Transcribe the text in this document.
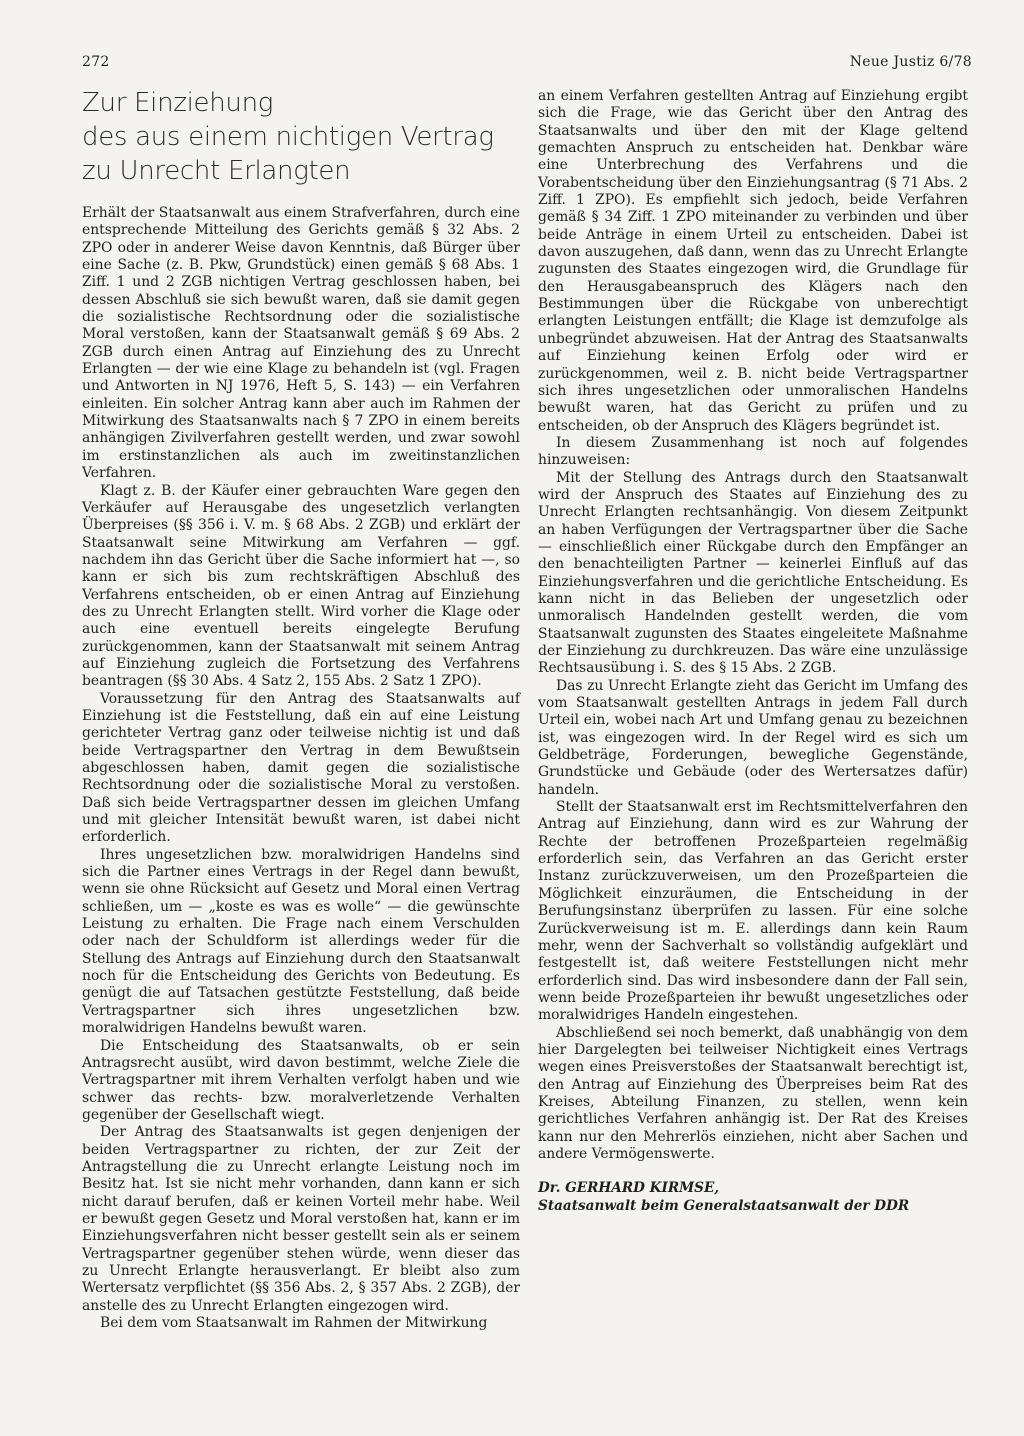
272	Neue Justiz 6/78
Zur Einziehung
des aus einem nichtigen Vertrag
zu Unrecht Erlangten

Erhält der Staatsanwalt aus einem Strafverfahren, durch eine entsprechende Mitteilung des Gerichts gemäß § 32 Abs. 2 ZPO oder in anderer Weise davon Kenntnis, daß Bürger über eine Sache (z. B. Pkw, Grundstück) einen gemäß § 68 Abs. 1 Ziff. 1 und 2 ZGB nichtigen Vertrag geschlossen haben, bei dessen Abschluß sie sich bewußt waren, daß sie damit gegen die sozialistische Rechtsordnung oder die sozialistische Moral verstoßen, kann der Staatsanwalt gemäß § 69 Abs. 2 ZGB durch einen Antrag auf Einziehung des zu Unrecht Erlangten — der wie eine Klage zu behandeln ist (vgl. Fragen und Antworten in NJ 1976, Heft 5, S. 143) — ein Verfahren einleiten. Ein solcher Antrag kann aber auch im Rahmen der Mitwirkung des Staatsanwalts nach § 7 ZPO in einem bereits anhängigen Zivilverfahren gestellt werden, und zwar sowohl im erstinstanzlichen als auch im zweitinstanzlichen Verfahren.

Klagt z. B. der Käufer einer gebrauchten Ware gegen den Verkäufer auf Herausgabe des ungesetzlich verlangten Überpreises (§§ 356 i. V. m. § 68 Abs. 2 ZGB) und erklärt der Staatsanwalt seine Mitwirkung am Verfahren — ggf. nachdem ihn das Gericht über die Sache informiert hat —, so kann er sich bis zum rechtskräftigen Abschluß des Verfahrens entscheiden, ob er einen Antrag auf Einziehung des zu Unrecht Erlangten stellt. Wird vorher die Klage oder auch eine eventuell bereits eingelegte Berufung zurückgenommen, kann der Staatsanwalt mit seinem Antrag auf Einziehung zugleich die Fortsetzung des Verfahrens beantragen (§§ 30 Abs. 4 Satz 2, 155 Abs. 2 Satz 1 ZPO).

Voraussetzung für den Antrag des Staatsanwalts auf Einziehung ist die Feststellung, daß ein auf eine Leistung gerichteter Vertrag ganz oder teilweise nichtig ist und daß beide Vertragspartner den Vertrag in dem Bewußtsein abgeschlossen haben, damit gegen die sozialistische Rechtsordnung oder die sozialistische Moral zu verstoßen. Daß sich beide Vertragspartner dessen im gleichen Umfang und mit gleicher Intensität bewußt waren, ist dabei nicht erforderlich.

Ihres ungesetzlichen bzw. moralwidrigen Handelns sind sich die Partner eines Vertrags in der Regel dann bewußt, wenn sie ohne Rücksicht auf Gesetz und Moral einen Vertrag schließen, um — „koste es was es wolle“ — die gewünschte Leistung zu erhalten. Die Frage nach einem Verschulden oder nach der Schuldform ist allerdings weder für die Stellung des Antrags auf Einziehung durch den Staatsanwalt noch für die Entscheidung des Gerichts von Bedeutung. Es genügt die auf Tatsachen gestützte Feststellung, daß beide Vertragspartner sich ihres ungesetzlichen bzw. moralwidrigen Handelns bewußt waren.

Die Entscheidung des Staatsanwalts, ob er sein Antragsrecht ausübt, wird davon bestimmt, welche Ziele die Vertragspartner mit ihrem Verhalten verfolgt haben und wie schwer das rechts- bzw. moralverletzende Verhalten gegenüber der Gesellschaft wiegt.

Der Antrag des Staatsanwalts ist gegen denjenigen der beiden Vertragspartner zu richten, der zur Zeit der Antragstellung die zu Unrecht erlangte Leistung noch im Besitz hat. Ist sie nicht mehr vorhanden, dann kann er sich nicht darauf berufen, daß er keinen Vorteil mehr habe. Weil er bewußt gegen Gesetz und Moral verstoßen hat, kann er im Einziehungsverfahren nicht besser gestellt sein als er seinem Vertragspartner gegenüber stehen würde, wenn dieser das zu Unrecht Erlangte herausverlangt. Er bleibt also zum Wertersatz verpflichtet (§§ 356 Abs. 2, § 357 Abs. 2 ZGB), der anstelle des zu Unrecht Erlangten eingezogen wird.

Bei dem vom Staatsanwalt im Rahmen der Mitwirkung

an einem Verfahren gestellten Antrag auf Einziehung ergibt sich die Frage, wie das Gericht über den Antrag des Staatsanwalts und über den mit der Klage geltend gemachten Anspruch zu entscheiden hat. Denkbar wäre eine Unterbrechung des Verfahrens und die Vorabentscheidung über den Einziehungsantrag (§ 71 Abs. 2 Ziff. 1 ZPO). Es empfiehlt sich jedoch, beide Verfahren gemäß § 34 Ziff. 1 ZPO miteinander zu verbinden und über beide Anträge in einem Urteil zu entscheiden. Dabei ist davon auszugehen, daß dann, wenn das zu Unrecht Erlangte zugunsten des Staates eingezogen wird, die Grundlage für den Herausgabeanspruch des Klägers nach den Bestimmungen über die Rückgabe von unberechtigt erlangten Leistungen entfällt; die Klage ist demzufolge als unbegründet abzuweisen. Hat der Antrag des Staatsanwalts auf Einziehung keinen Erfolg oder wird er zurückgenommen, weil z. B. nicht beide Vertragspartner sich ihres ungesetzlichen oder unmoralischen Handelns bewußt waren, hat das Gericht zu prüfen und zu entscheiden, ob der Anspruch des Klägers begründet ist.

In diesem Zusammenhang ist noch auf folgendes hinzuweisen:

Mit der Stellung des Antrags durch den Staatsanwalt wird der Anspruch des Staates auf Einziehung des zu Unrecht Erlangten rechtsanhängig. Von diesem Zeitpunkt an haben Verfügungen der Vertragspartner über die Sache — einschließlich einer Rückgabe durch den Empfänger an den benachteiligten Partner — keinerlei Einfluß auf das Einziehungsverfahren und die gerichtliche Entscheidung. Es kann nicht in das Belieben der ungesetzlich oder unmoralisch Handelnden gestellt werden, die vom Staatsanwalt zugunsten des Staates eingeleitete Maßnahme der Einziehung zu durchkreuzen. Das wäre eine unzulässige Rechtsausübung i. S. des § 15 Abs. 2 ZGB.

Das zu Unrecht Erlangte zieht das Gericht im Umfang des vom Staatsanwalt gestellten Antrags in jedem Fall durch Urteil ein, wobei nach Art und Umfang genau zu bezeichnen ist, was eingezogen wird. In der Regel wird es sich um Geldbeträge, Forderungen, bewegliche Gegenstände, Grundstücke und Gebäude (oder des Wertersatzes dafür) handeln.

Stellt der Staatsanwalt erst im Rechtsmittelverfahren den Antrag auf Einziehung, dann wird es zur Wahrung der Rechte der betroffenen Prozeßparteien regelmäßig erforderlich sein, das Verfahren an das Gericht erster Instanz zurückzuverweisen, um den Prozeßparteien die Möglichkeit einzuräumen, die Entscheidung in der Berufungsinstanz überprüfen zu lassen. Für eine solche Zurückverweisung ist m. E. allerdings dann kein Raum mehr, wenn der Sachverhalt so vollständig aufgeklärt und festgestellt ist, daß weitere Feststellungen nicht mehr erforderlich sind. Das wird insbesondere dann der Fall sein, wenn beide Prozeßparteien ihr bewußt ungesetzliches oder moralwidriges Handeln eingestehen.

Abschließend sei noch bemerkt, daß unabhängig von dem hier Dargelegten bei teilweiser Nichtigkeit eines Vertrags wegen eines Preisverstoßes der Staatsanwalt berechtigt ist, den Antrag auf Einziehung des Überpreises beim Rat des Kreises, Abteilung Finanzen, zu stellen, wenn kein gerichtliches Verfahren anhängig ist. Der Rat des Kreises kann nur den Mehrerlös einziehen, nicht aber Sachen und andere Vermögenswerte.

Dr. GERHARD KIRMSE,
Staatsanwalt beim Generalstaatsanwalt der DDR
